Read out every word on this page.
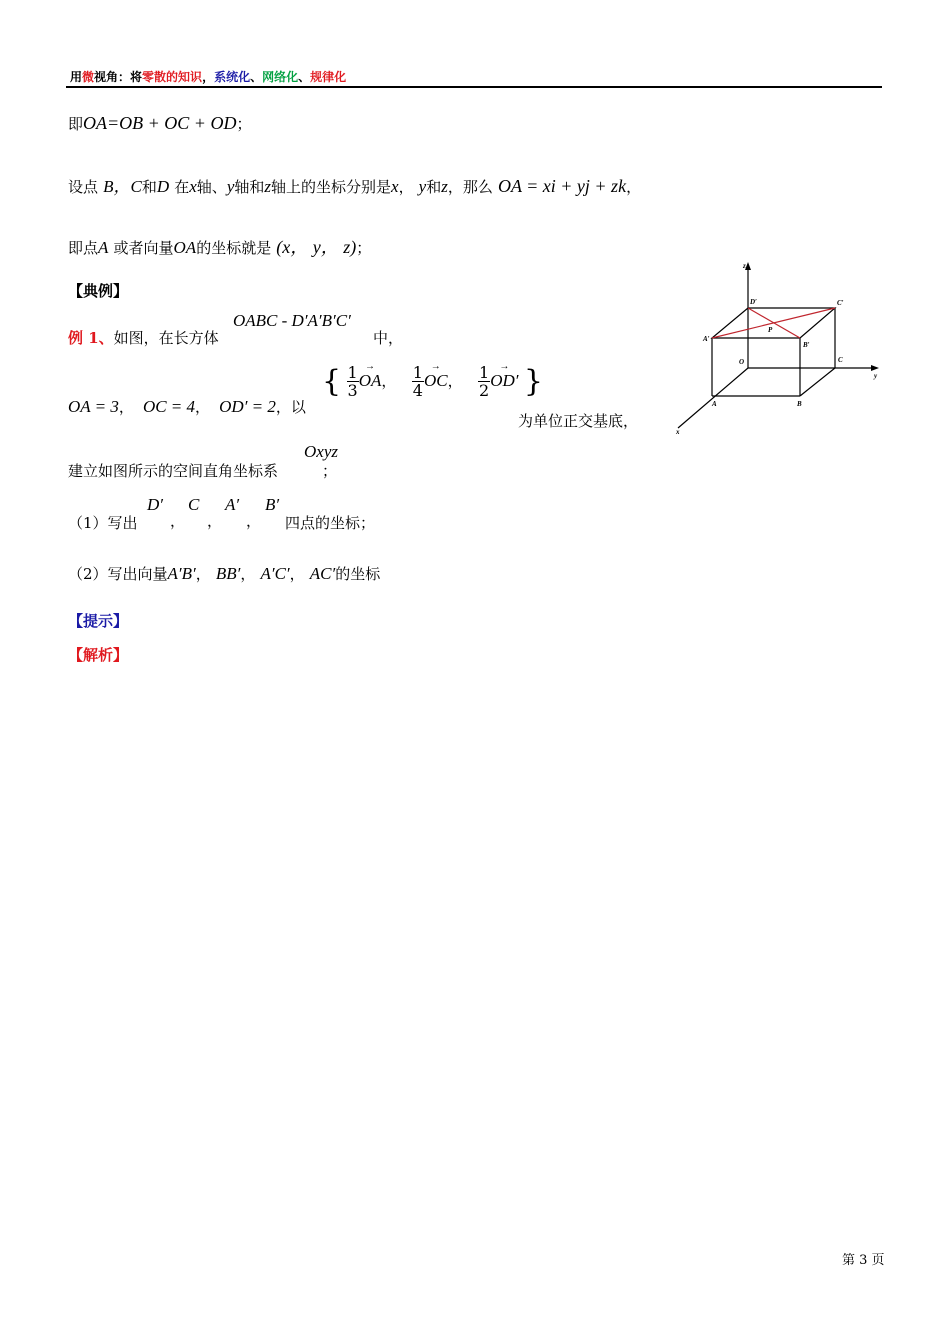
用微视角：将零散的知识，系统化、网络化、规律化
即OA=OB + OC + OD；
设点 B，C和D 在x轴、y轴和z轴上的坐标分别是x， y和z，那么 OA = xi + yj + zk，
即点A 或者向量OA的坐标就是 (x， y， z)；
【典例】
例 1、如图，在长方体
OABC - D′A′B′C′
中，
OA = 3， OC = 4， OD′ = 2，以
{ $\frac{1}{3}$
→ OA， $\frac{1}{4}$
→ OC， $\frac{1}{2}$
→ OD′ }
为单位正交基底，
Oxyz
建立如图所示的空间直角坐标系	；
（1）写出
D′
，
C
，
A′
，
B′
四点的坐标；
（2）写出向量A′B′， BB′， A′C′， AC′的坐标
【提示】
【解析】
z
y
x
O
A	B
C
D′
A′
B′
C′
P
第 3 页
